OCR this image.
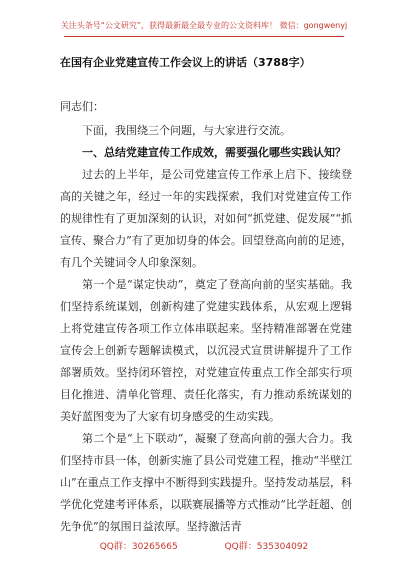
关注头条号“公文研究”，获得最新最全最专业的公文资料库！ 微信：gongwenyj
在国有企业党建宣传工作会议上的讲话（3788字）

同志们：

下面，我围绕三个问题，与大家进行交流。

一、总结党建宣传工作成效，需要强化哪些实践认知？

过去的上半年，是公司党建宣传工作承上启下、接续登高的关键之年，经过一年的实践探索，我们对党建宣传工作的规律性有了更加深刻的认识，对如何“抓党建、促发展”“抓宣传、聚合力”有了更加切身的体会。回望登高向前的足迹，有几个关键词令人印象深刻。

第一个是“谋定快动”，奠定了登高向前的坚实基础。我们坚持系统谋划，创新构建了党建实践体系，从宏观上逻辑上将党建宣传各项工作立体串联起来。坚持精准部署在党建宣传会上创新专题解读模式，以沉浸式宣贯讲解提升了工作部署质效。坚持闭环管控，对党建宣传重点工作全部实行项目化推进、清单化管理、责任化落实，有力推动系统谋划的美好蓝图变为了大家有切身感受的生动实践。

第二个是“上下联动”，凝聚了登高向前的强大合力。我们坚持市县一体，创新实施了县公司党建工程，推动“半壁江山”在重点工作支撑中不断得到实践提升。坚持发动基层，科学优化党建考评体系，以联赛展播等方式推动“比学赶超、创先争优”的氛围日益浓厚。坚持激活青

QQ群：30265665	QQ群：535304092
